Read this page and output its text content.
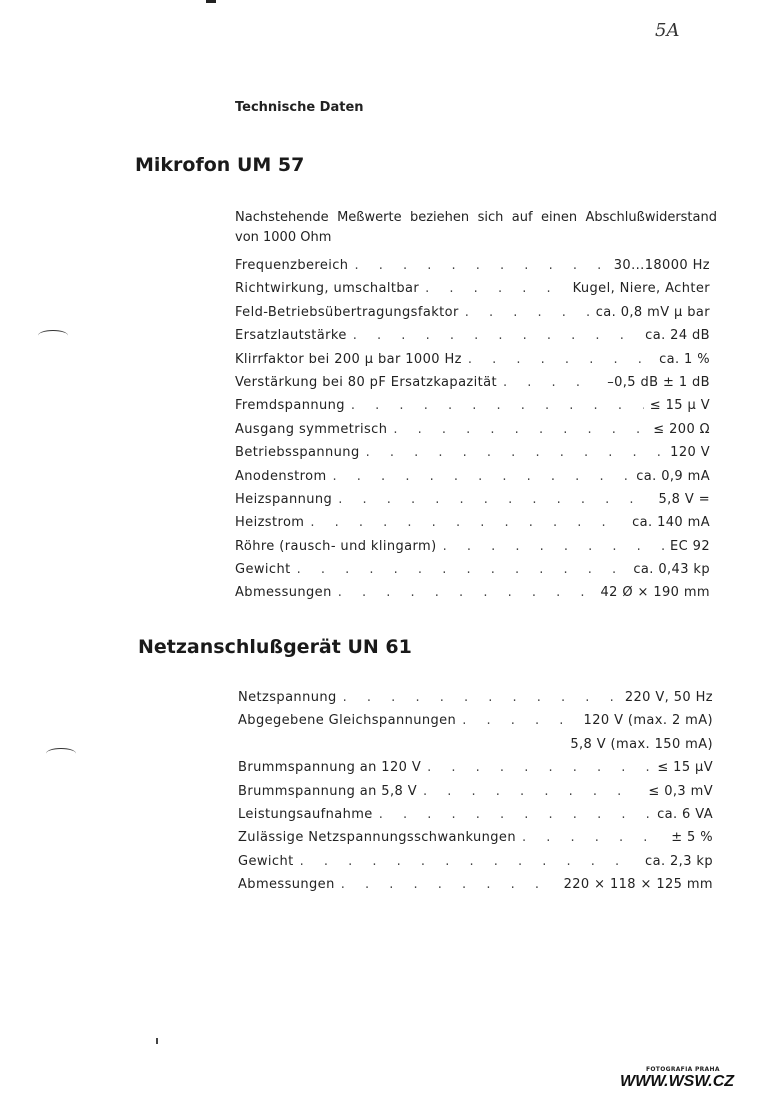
5A
Technische Daten
Mikrofon UM 57
Nachstehende Meßwerte beziehen sich auf einen Abschlußwiderstand von 1000 Ohm
Frequenzbereich . . .	30...18000 Hz
Richtwirkung, umschaltbar . . .	Kugel, Niere, Achter
Feld-Betriebsübertragungsfaktor . . .	ca. 0,8 mV µ bar
Ersatzlautstärke . . .	ca. 24 dB
Klirrfaktor bei 200 µ bar 1000 Hz . . .	ca. 1 %
Verstärkung bei 80 pF Ersatzkapazität . . .	–0,5 dB ± 1 dB
Fremdspannung . . .	≤ 15 µ V
Ausgang symmetrisch . . .	≤ 200 Ω
Betriebsspannung . . .	120 V
Anodenstrom . . .	ca. 0,9 mA
Heizspannung . . .	5,8 V =
Heizstrom . . .	ca. 140 mA
Röhre (rausch- und klingarm) . . .	EC 92
Gewicht . . .	ca. 0,43 kp
Abmessungen . . .	42 Ø × 190 mm
Netzanschlußgerät UN 61
Netzspannung . . .	220 V, 50 Hz
Abgegebene Gleichspannungen . . .	120 V (max. 2 mA)
5,8 V (max. 150 mA)
Brummspannung an 120 V . . .	≤ 15 µV
Brummspannung an 5,8 V . . .	≤ 0,3 mV
Leistungsaufnahme . . .	ca. 6 VA
Zulässige Netzspannungsschwankungen . . .	± 5 %
Gewicht . . .	ca. 2,3 kp
Abmessungen . . .	220 × 118 × 125 mm
FOTOGRAFIA PRAHA
WWW.WSW.CZ
